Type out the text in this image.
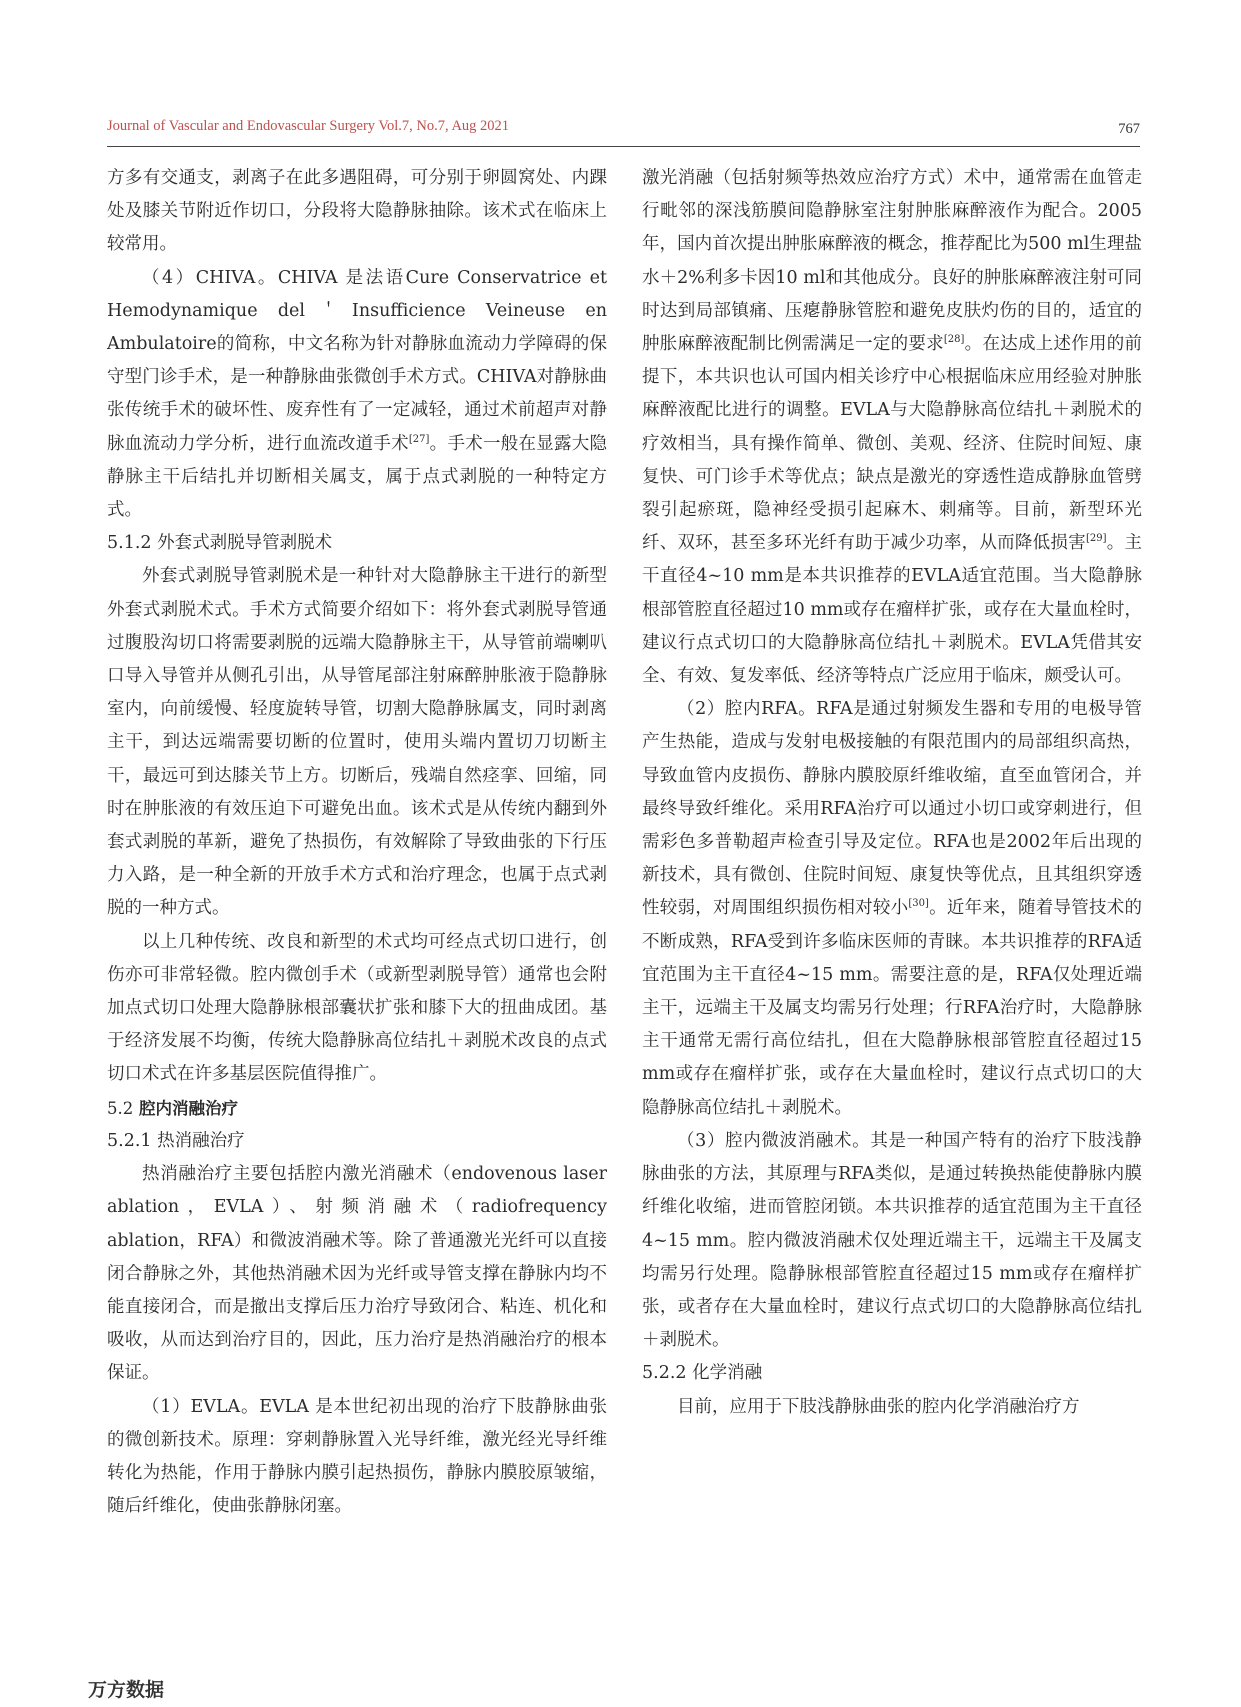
Journal of Vascular and Endovascular Surgery Vol.7, No.7, Aug 2021	767

方多有交通支，剥离子在此多遇阻碍，可分别于卵圆窝处、内踝处及膝关节附近作切口，分段将大隐静脉抽除。该术式在临床上较常用。

（4）CHIVA。CHIVA 是法语Cure Conservatrice et Hemodynamique del＇Insufficience Veineuse en Ambulatoire的简称，中文名称为针对静脉血流动力学障碍的保守型门诊手术，是一种静脉曲张微创手术方式。CHIVA对静脉曲张传统手术的破坏性、废弃性有了一定减轻，通过术前超声对静脉血流动力学分析，进行血流改道手术[27]。手术一般在显露大隐静脉主干后结扎并切断相关属支，属于点式剥脱的一种特定方式。

5.1.2 外套式剥脱导管剥脱术

外套式剥脱导管剥脱术是一种针对大隐静脉主干进行的新型外套式剥脱术式。手术方式简要介绍如下：将外套式剥脱导管通过腹股沟切口将需要剥脱的远端大隐静脉主干，从导管前端喇叭口导入导管并从侧孔引出，从导管尾部注射麻醉肿胀液于隐静脉室内，向前缓慢、轻度旋转导管，切割大隐静脉属支，同时剥离主干，到达远端需要切断的位置时，使用头端内置切刀切断主干，最远可到达膝关节上方。切断后，残端自然痉挛、回缩，同时在肿胀液的有效压迫下可避免出血。该术式是从传统内翻到外套式剥脱的革新，避免了热损伤，有效解除了导致曲张的下行压力入路，是一种全新的开放手术方式和治疗理念，也属于点式剥脱的一种方式。

以上几种传统、改良和新型的术式均可经点式切口进行，创伤亦可非常轻微。腔内微创手术（或新型剥脱导管）通常也会附加点式切口处理大隐静脉根部囊状扩张和膝下大的扭曲成团。基于经济发展不均衡，传统大隐静脉高位结扎＋剥脱术改良的点式切口术式在许多基层医院值得推广。

5.2 腔内消融治疗
5.2.1 热消融治疗

热消融治疗主要包括腔内激光消融术（endovenous laser ablation，EVLA）、射频消融术（radiofrequency ablation，RFA）和微波消融术等。除了普通激光光纤可以直接闭合静脉之外，其他热消融术因为光纤或导管支撑在静脉内均不能直接闭合，而是撤出支撑后压力治疗导致闭合、粘连、机化和吸收，从而达到治疗目的，因此，压力治疗是热消融治疗的根本保证。

（1）EVLA。EVLA 是本世纪初出现的治疗下肢静脉曲张的微创新技术。原理：穿刺静脉置入光导纤维，激光经光导纤维转化为热能，作用于静脉内膜引起热损伤，静脉内膜胶原皱缩，随后纤维化，使曲张静脉闭塞。

激光消融（包括射频等热效应治疗方式）术中，通常需在血管走行毗邻的深浅筋膜间隐静脉室注射肿胀麻醉液作为配合。2005年，国内首次提出肿胀麻醉液的概念，推荐配比为500 ml生理盐水＋2%利多卡因10 ml和其他成分。良好的肿胀麻醉液注射可同时达到局部镇痛、压瘪静脉管腔和避免皮肤灼伤的目的，适宜的肿胀麻醉液配制比例需满足一定的要求[28]。在达成上述作用的前提下，本共识也认可国内相关诊疗中心根据临床应用经验对肿胀麻醉液配比进行的调整。EVLA与大隐静脉高位结扎＋剥脱术的疗效相当，具有操作简单、微创、美观、经济、住院时间短、康复快、可门诊手术等优点；缺点是激光的穿透性造成静脉血管劈裂引起瘀斑，隐神经受损引起麻木、刺痛等。目前，新型环光纤、双环，甚至多环光纤有助于减少功率，从而降低损害[29]。主干直径4~10 mm是本共识推荐的EVLA适宜范围。当大隐静脉根部管腔直径超过10 mm或存在瘤样扩张，或存在大量血栓时，建议行点式切口的大隐静脉高位结扎＋剥脱术。EVLA凭借其安全、有效、复发率低、经济等特点广泛应用于临床，颇受认可。

（2）腔内RFA。RFA是通过射频发生器和专用的电极导管产生热能，造成与发射电极接触的有限范围内的局部组织高热，导致血管内皮损伤、静脉内膜胶原纤维收缩，直至血管闭合，并最终导致纤维化。采用RFA治疗可以通过小切口或穿刺进行，但需彩色多普勒超声检查引导及定位。RFA也是2002年后出现的新技术，具有微创、住院时间短、康复快等优点，且其组织穿透性较弱，对周围组织损伤相对较小[30]。近年来，随着导管技术的不断成熟，RFA受到许多临床医师的青睐。本共识推荐的RFA适宜范围为主干直径4~15 mm。需要注意的是，RFA仅处理近端主干，远端主干及属支均需另行处理；行RFA治疗时，大隐静脉主干通常无需行高位结扎，但在大隐静脉根部管腔直径超过15 mm或存在瘤样扩张，或存在大量血栓时，建议行点式切口的大隐静脉高位结扎＋剥脱术。

（3）腔内微波消融术。其是一种国产特有的治疗下肢浅静脉曲张的方法，其原理与RFA类似，是通过转换热能使静脉内膜纤维化收缩，进而管腔闭锁。本共识推荐的适宜范围为主干直径4~15 mm。腔内微波消融术仅处理近端主干，远端主干及属支均需另行处理。隐静脉根部管腔直径超过15 mm或存在瘤样扩张，或者存在大量血栓时，建议行点式切口的大隐静脉高位结扎＋剥脱术。

5.2.2 化学消融

目前，应用于下肢浅静脉曲张的腔内化学消融治疗方

万方数据
